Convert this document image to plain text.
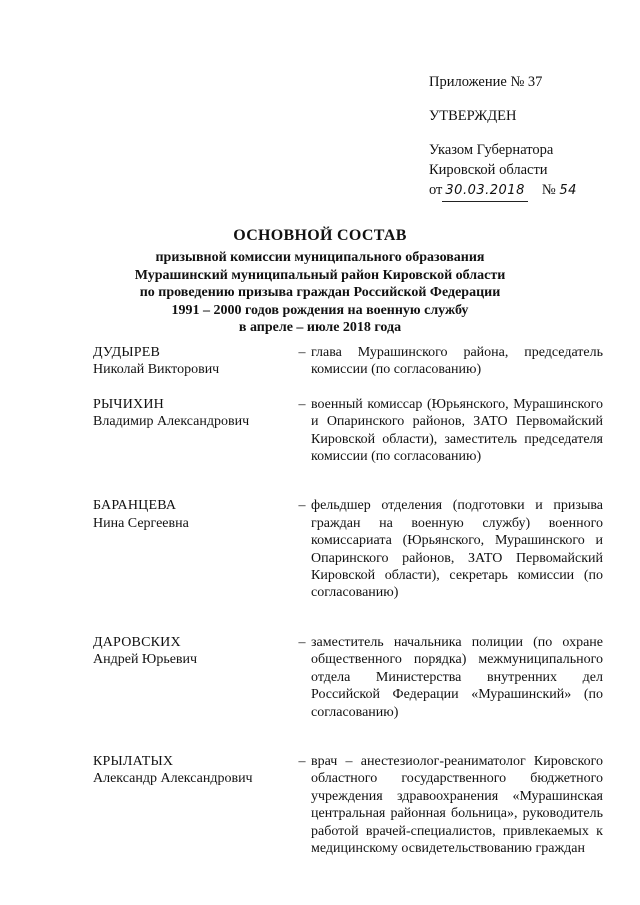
Приложение № 37
УТВЕРЖДЕН
Указом Губернатора
Кировской области
от 30.03.2018 № 54
ОСНОВНОЙ СОСТАВ
призывной комиссии муниципального образования
Мурашинский муниципальный район Кировской области
по проведению призыва граждан Российской Федерации
1991 – 2000 годов рождения на военную службу
в апреле – июле 2018 года
ДУДЫРЕВ
Николай Викторович
– глава Мурашинского района, председатель комиссии (по согласованию)
РЫЧИХИН
Владимир Александрович
– военный комиссар (Юрьянского, Мурашинского и Опаринского районов, ЗАТО Первомайский Кировской области), заместитель председателя комиссии (по согласованию)
БАРАНЦЕВА
Нина Сергеевна
– фельдшер отделения (подготовки и призыва граждан на военную службу) военного комиссариата (Юрьянского, Мурашинского и Опаринского районов, ЗАТО Первомайский Кировской области), секретарь комиссии (по согласованию)
ДАРОВСКИХ
Андрей Юрьевич
– заместитель начальника полиции (по охране общественного порядка) межмуниципального отдела Министерства внутренних дел Российской Федерации «Мурашинский» (по согласованию)
КРЫЛАТЫХ
Александр Александрович
– врач – анестезиолог-реаниматолог Кировского областного государственного бюджетного учреждения здравоохранения «Мурашинская центральная районная больница», руководитель работой врачей-специалистов, привлекаемых к медицинскому освидетельствованию граждан
